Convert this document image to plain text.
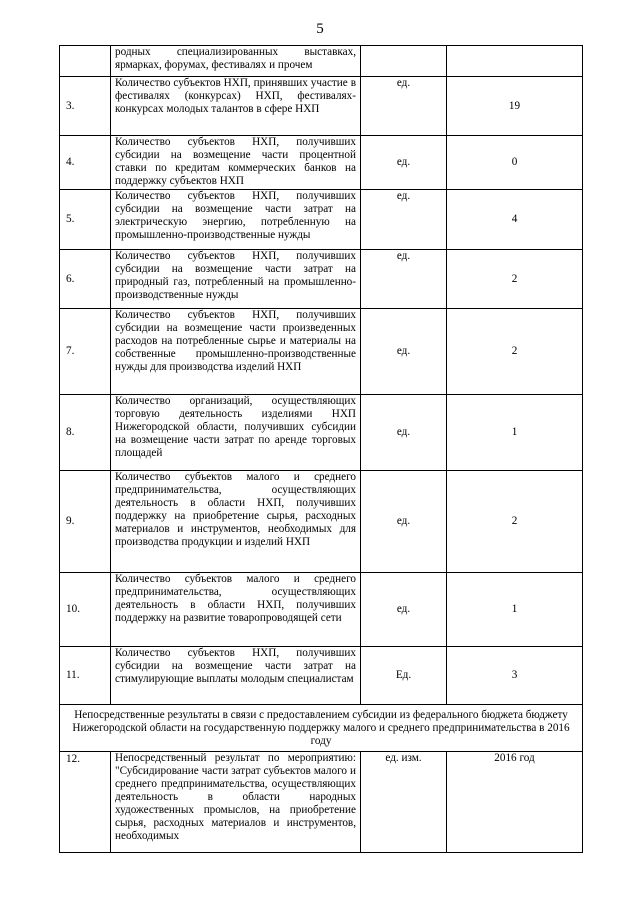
5
	родных специализированных выставках, ярмарках, форумах, фестивалях и прочем		
3.	Количество субъектов НХП, принявших участие в фестивалях (конкурсах) НХП, фестивалях-конкурсах молодых талантов в сфере НХП	ед.	19
4.	Количество субъектов НХП, получивших субсидии на возмещение части процентной ставки по кредитам коммерческих банков на поддержку субъектов НХП	ед.	0
5.	Количество субъектов НХП, получивших субсидии на возмещение части затрат на электрическую энергию, потребленную на промышленно-производственные нужды	ед.	4
6.	Количество субъектов НХП, получивших субсидии на возмещение части затрат на природный газ, потребленный на промышленно-производственные нужды	ед.	2
7.	Количество субъектов НХП, получивших субсидии на возмещение части произведенных расходов на потребленные сырье и материалы на собственные промышленно-производственные нужды для производства изделий НХП	ед.	2
8.	Количество организаций, осуществляющих торговую деятельность изделиями НХП Нижегородской области, получивших субсидии на возмещение части затрат по аренде торговых площадей	ед.	1
9.	Количество субъектов малого и среднего предпринимательства, осуществляющих деятельность в области НХП, получивших поддержку на приобретение сырья, расходных материалов и инструментов, необходимых для производства продукции и изделий НХП	ед.	2
10.	Количество субъектов малого и среднего предпринимательства, осуществляющих деятельность в области НХП, получивших поддержку на развитие товаропроводящей сети	ед.	1
11.	Количество субъектов НХП, получивших субсидии на возмещение части затрат на стимулирующие выплаты молодым специалистам	Ед.	3
Непосредственные результаты в связи с предоставлением субсидии из федерального бюджета бюджету Нижегородской области на государственную поддержку малого и среднего предпринимательства в 2016 году			
12.	Непосредственный результат по мероприятию: "Субсидирование части затрат субъектов малого и среднего предпринимательства, осуществляющих деятельность в области народных художественных промыслов, на приобретение сырья, расходных материалов и инструментов, необходимых	ед. изм.	2016 год
